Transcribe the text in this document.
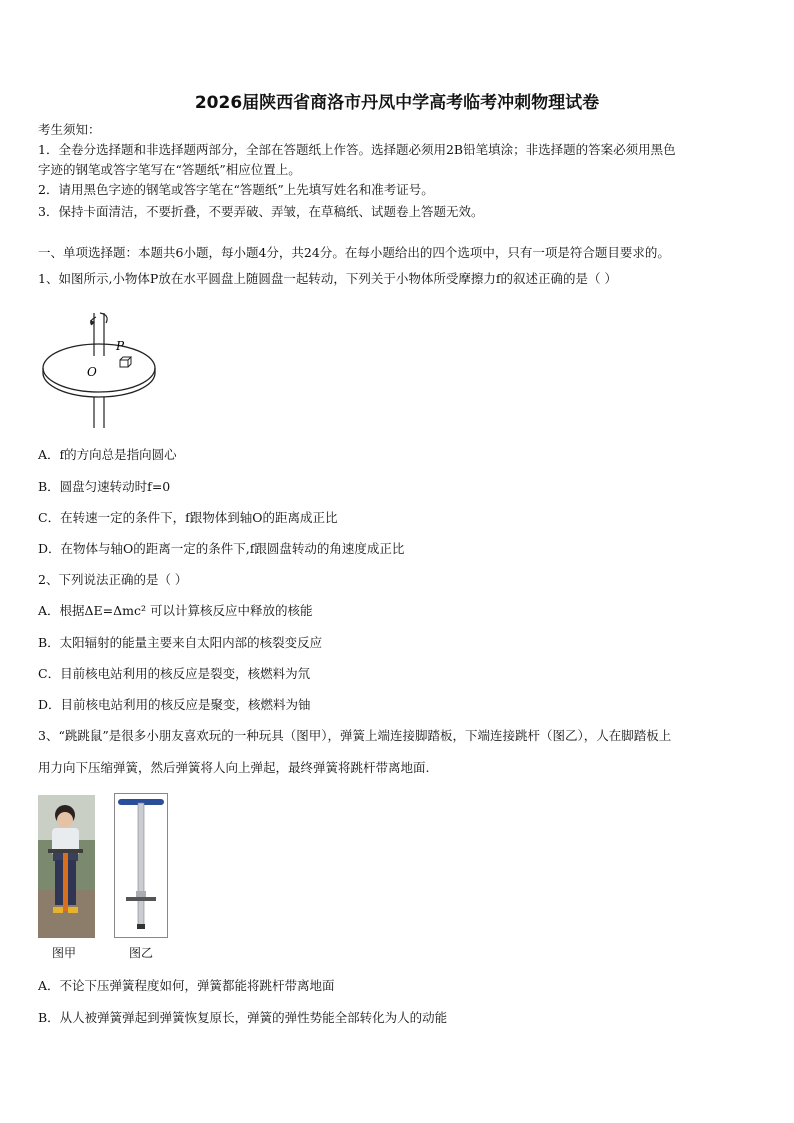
2026届陕西省商洛市丹凤中学高考临考冲刺物理试卷
考生须知：
1．全卷分选择题和非选择题两部分，全部在答题纸上作答。选择题必须用2B铅笔填涂；非选择题的答案必须用黑色
字迹的钢笔或答字笔写在“答题纸”相应位置上。
2．请用黑色字迹的钢笔或答字笔在“答题纸”上先填写姓名和准考证号。
3．保持卡面清洁，不要折叠，不要弄破、弄皱，在草稿纸、试题卷上答题无效。
一、单项选择题：本题共6小题，每小题4分，共24分。在每小题给出的四个选项中，只有一项是符合题目要求的。
1、如图所示,小物体P放在水平圆盘上随圆盘一起转动，下列关于小物体所受摩擦力f的叙述正确的是（ ）
P
O
A．f的方向总是指向圆心
B．圆盘匀速转动时f=0
C．在转速一定的条件下，f跟物体到轴O的距离成正比
D．在物体与轴O的距离一定的条件下,f跟圆盘转动的角速度成正比
2、下列说法正确的是（ ）
A．根据ΔE=Δmc² 可以计算核反应中释放的核能
B．太阳辐射的能量主要来自太阳内部的核裂变反应
C．目前核电站利用的核反应是裂变，核燃料为氘
D．目前核电站利用的核反应是聚变，核燃料为铀
3、“跳跳鼠”是很多小朋友喜欢玩的一种玩具（图甲），弹簧上端连接脚踏板，下端连接跳杆（图乙），人在脚踏板上
用力向下压缩弹簧，然后弹簧将人向上弹起，最终弹簧将跳杆带离地面.
图甲	图乙
A．不论下压弹簧程度如何，弹簧都能将跳杆带离地面
B．从人被弹簧弹起到弹簧恢复原长，弹簧的弹性势能全部转化为人的动能
